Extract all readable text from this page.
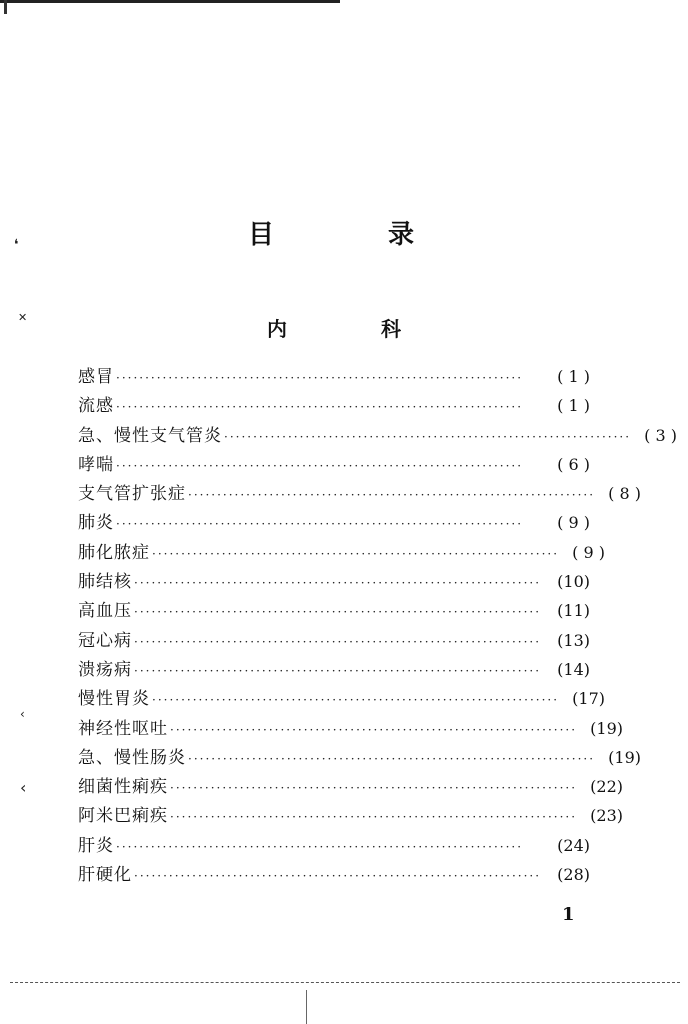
❛
✕
‹
‹
目	录
内	科
感冒 ······································································	( 1 )
流感 ······································································	( 1 )
急、慢性支气管炎 ······································································ ( 3 )
哮喘 ······································································	( 6 )
支气管扩张症 ······································································ ( 8 )
肺炎 ······································································	( 9 )
肺化脓症 ······································································ ( 9 )
肺结核 ······································································	(10)
高血压 ······································································	(11)
冠心病 ······································································	(13)
溃疡病 ······································································	(14)
慢性胃炎 ······································································ (17)
神经性呕吐 ······································································ (19)
急、慢性肠炎 ······································································ (19)
细菌性痢疾 ······································································ (22)
阿米巴痢疾 ······································································ (23)
肝炎 ······································································	(24)
肝硬化 ······································································	(28)
1
